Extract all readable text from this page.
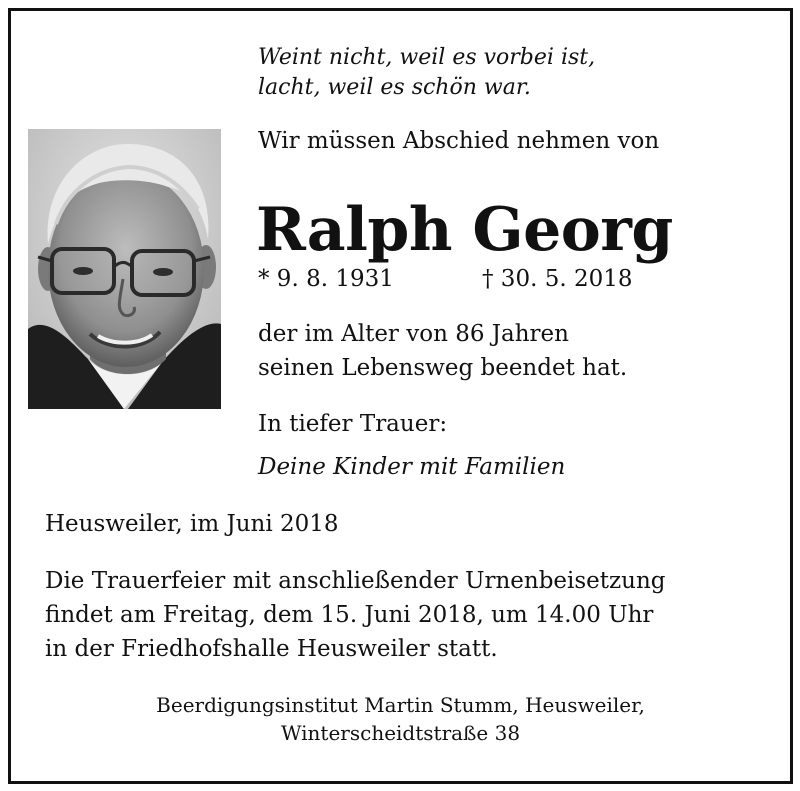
Weint nicht, weil es vorbei ist,
lacht, weil es schön war.
Wir müssen Abschied nehmen von
Ralph Georg
* 9. 8. 1931	† 30. 5. 2018
der im Alter von 86 Jahren
seinen Lebensweg beendet hat.
In tiefer Trauer:
Deine Kinder mit Familien
Heusweiler, im Juni 2018
Die Trauerfeier mit anschließender Urnenbeisetzung
findet am Freitag, dem 15. Juni 2018, um 14.00 Uhr
in der Friedhofshalle Heusweiler statt.
Beerdigungsinstitut Martin Stumm, Heusweiler,
Winterscheidtstraße 38
